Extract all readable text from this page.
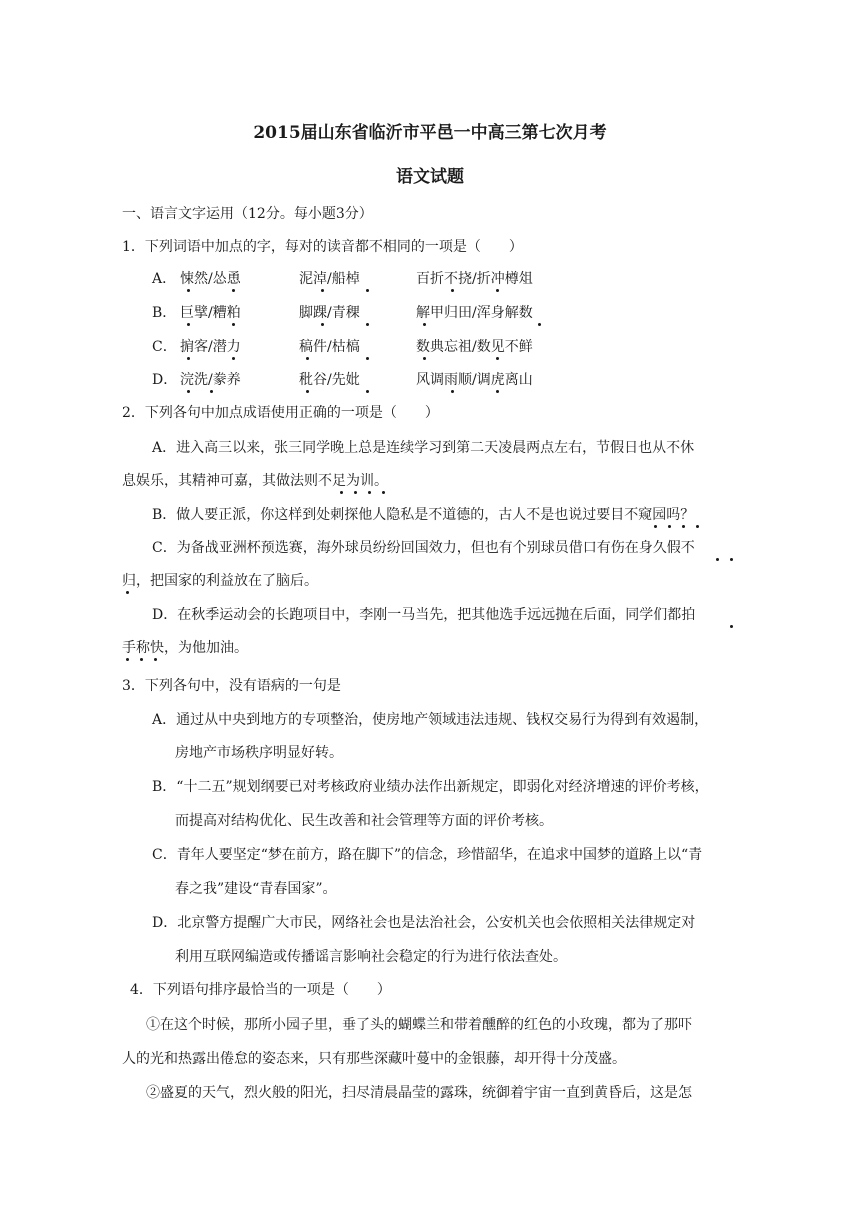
2015届山东省临沂市平邑一中高三第七次月考
语文试题
一、语言文字运用（12分。每小题3分）
1．下列词语中加点的字，每对的读音都不相同的一项是（　　）
A． 悚然/怂恿	泥淖/船棹	百折不挠/折冲樽俎
B． 巨擘/糟粕	脚踝/青稞	解甲归田/浑身解数
C． 掮客/潜力	稿件/枯槁	数典忘祖/数见不鲜
D． 浣洗/豢养	秕谷/先妣	风调雨顺/调虎离山
2．下列各句中加点成语使用正确的一项是（　　）
A．进入高三以来，张三同学晚上总是连续学习到第二天凌晨两点左右，节假日也从不休
息娱乐，其精神可嘉，其做法则不足为训。
B．做人要正派，你这样到处刺探他人隐私是不道德的，古人不是也说过要目不窥园吗？
C．为备战亚洲杯预选赛，海外球员纷纷回国效力，但也有个别球员借口有伤在身久假不
归，把国家的利益放在了脑后。
D．在秋季运动会的长跑项目中，李刚一马当先，把其他选手远远抛在后面，同学们都拍
手称快，为他加油。
3．下列各句中，没有语病的一句是
A．通过从中央到地方的专项整治，使房地产领域违法违规、钱权交易行为得到有效遏制，
房地产市场秩序明显好转。
B．“十二五”规划纲要已对考核政府业绩办法作出新规定，即弱化对经济增速的评价考核，
而提高对结构优化、民生改善和社会管理等方面的评价考核。
C．青年人要坚定“梦在前方，路在脚下”的信念，珍惜韶华，在追求中国梦的道路上以“青
春之我”建设“青春国家”。
D．北京警方提醒广大市民，网络社会也是法治社会，公安机关也会依照相关法律规定对
利用互联网编造或传播谣言影响社会稳定的行为进行依法查处。
4．下列语句排序最恰当的一项是（　　）
①在这个时候，那所小园子里，垂了头的蝴蝶兰和带着醺醉的红色的小玫瑰，都为了那吓
人的光和热露出倦怠的姿态来，只有那些深藏叶蔓中的金银藤，却开得十分茂盛。
②盛夏的天气，烈火般的阳光，扫尽清晨晶莹的露珠，统御着宇宙一直到黄昏后，这是怎
